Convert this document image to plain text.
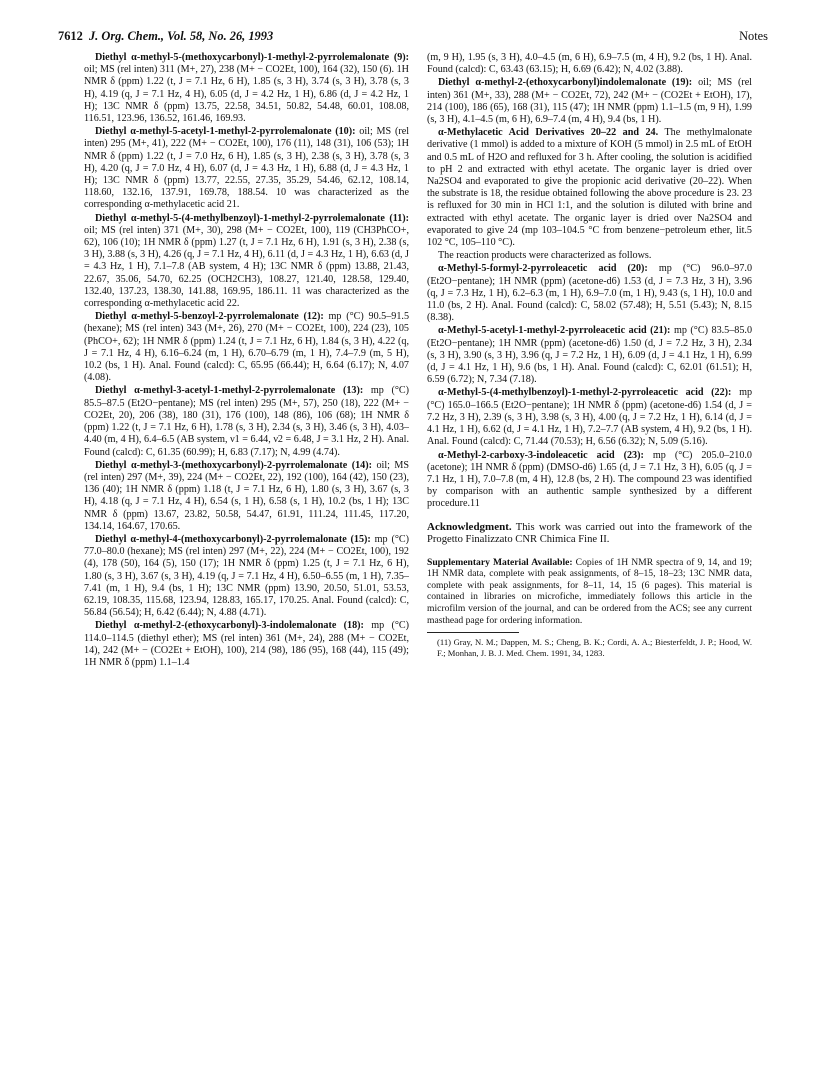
7612 J. Org. Chem., Vol. 58, No. 26, 1993	Notes

Diethyl α-methyl-5-(methoxycarbonyl)-1-methyl-2-pyrrolemalonate (9): oil; MS (rel inten) 311 (M+, 27), 238 (M+ − CO2Et, 100), 164 (32), 150 (6). 1H NMR δ (ppm) 1.22 (t, J = 7.1 Hz, 6 H), 1.85 (s, 3 H), 3.74 (s, 3 H), 3.78 (s, 3 H), 4.19 (q, J = 7.1 Hz, 4 H), 6.05 (d, J = 4.2 Hz, 1 H), 6.86 (d, J = 4.2 Hz, 1 H); 13C NMR δ (ppm) 13.75, 22.58, 34.51, 50.82, 54.48, 60.01, 108.08, 116.51, 123.96, 136.52, 161.46, 169.93.

Diethyl α-methyl-5-acetyl-1-methyl-2-pyrrolemalonate (10): oil; MS (rel inten) 295 (M+, 41), 222 (M+ − CO2Et, 100), 176 (11), 148 (31), 106 (53); 1H NMR δ (ppm) 1.22 (t, J = 7.0 Hz, 6 H), 1.85 (s, 3 H), 2.38 (s, 3 H), 3.78 (s, 3 H), 4.20 (q, J = 7.0 Hz, 4 H), 6.07 (d, J = 4.3 Hz, 1 H), 6.88 (d, J = 4.3 Hz, 1 H); 13C NMR δ (ppm) 13.77, 22.55, 27.35, 35.29, 54.46, 62.12, 108.14, 118.60, 132.16, 137.91, 169.78, 188.54. 10 was characterized as the corresponding α-methylacetic acid 21.

Diethyl α-methyl-5-(4-methylbenzoyl)-1-methyl-2-pyrrolemalonate (11): oil; MS (rel inten) 371 (M+, 30), 298 (M+ − CO2Et, 100), 119 (CH3PhCO+, 62), 106 (10); 1H NMR δ (ppm) 1.27 (t, J = 7.1 Hz, 6 H), 1.91 (s, 3 H), 2.38 (s, 3 H), 3.88 (s, 3 H), 4.26 (q, J = 7.1 Hz, 4 H), 6.11 (d, J = 4.3 Hz, 1 H), 6.63 (d, J = 4.3 Hz, 1 H), 7.1–7.8 (AB system, 4 H); 13C NMR δ (ppm) 13.88, 21.43, 22.67, 35.06, 54.70, 62.25 (OCH2CH3), 108.27, 121.40, 128.58, 129.40, 132.40, 137.23, 138.30, 141.88, 169.95, 186.11. 11 was characterized as the corresponding α-methylacetic acid 22.

Diethyl α-methyl-5-benzoyl-2-pyrrolemalonate (12): mp (°C) 90.5–91.5 (hexane); MS (rel inten) 343 (M+, 26), 270 (M+ − CO2Et, 100), 224 (23), 105 (PhCO+, 62); 1H NMR δ (ppm) 1.24 (t, J = 7.1 Hz, 6 H), 1.84 (s, 3 H), 4.22 (q, J = 7.1 Hz, 4 H), 6.16–6.24 (m, 1 H), 6.70–6.79 (m, 1 H), 7.4–7.9 (m, 5 H), 10.2 (bs, 1 H). Anal. Found (calcd): C, 65.95 (66.44); H, 6.64 (6.17); N, 4.07 (4.08).

Diethyl α-methyl-3-acetyl-1-methyl-2-pyrrolemalonate (13): mp (°C) 85.5–87.5 (Et2O−pentane); MS (rel inten) 295 (M+, 57), 250 (18), 222 (M+ − CO2Et, 20), 206 (38), 180 (31), 176 (100), 148 (86), 106 (68); 1H NMR δ (ppm) 1.22 (t, J = 7.1 Hz, 6 H), 1.78 (s, 3 H), 2.34 (s, 3 H), 3.46 (s, 3 H), 4.03–4.40 (m, 4 H), 6.4–6.5 (AB system, ν1 = 6.44, ν2 = 6.48, J = 3.1 Hz, 2 H). Anal. Found (calcd): C, 61.35 (60.99); H, 6.83 (7.17); N, 4.99 (4.74).

Diethyl α-methyl-3-(methoxycarbonyl)-2-pyrrolemalonate (14): oil; MS (rel inten) 297 (M+, 39), 224 (M+ − CO2Et, 22), 192 (100), 164 (42), 150 (23), 136 (40); 1H NMR δ (ppm) 1.18 (t, J = 7.1 Hz, 6 H), 1.80 (s, 3 H), 3.67 (s, 3 H), 4.18 (q, J = 7.1 Hz, 4 H), 6.54 (s, 1 H), 6.58 (s, 1 H), 10.2 (bs, 1 H); 13C NMR δ (ppm) 13.67, 23.82, 50.58, 54.47, 61.91, 111.24, 111.45, 117.20, 134.14, 164.67, 170.65.

Diethyl α-methyl-4-(methoxycarbonyl)-2-pyrrolemalonate (15): mp (°C) 77.0–80.0 (hexane); MS (rel inten) 297 (M+, 22), 224 (M+ − CO2Et, 100), 192 (4), 178 (50), 164 (5), 150 (17); 1H NMR δ (ppm) 1.25 (t, J = 7.1 Hz, 6 H), 1.80 (s, 3 H), 3.67 (s, 3 H), 4.19 (q, J = 7.1 Hz, 4 H), 6.50–6.55 (m, 1 H), 7.35–7.41 (m, 1 H), 9.4 (bs, 1 H); 13C NMR (ppm) 13.90, 20.50, 51.01, 53.53, 62.19, 108.35, 115.68, 123.94, 128.83, 165.17, 170.25. Anal. Found (calcd): C, 56.84 (56.54); H, 6.42 (6.44); N, 4.88 (4.71).

Diethyl α-methyl-2-(ethoxycarbonyl)-3-indolemalonate (18): mp (°C) 114.0–114.5 (diethyl ether); MS (rel inten) 361 (M+, 24), 288 (M+ − CO2Et, 14), 242 (M+ − (CO2Et + EtOH), 100), 214 (98), 186 (95), 168 (44), 115 (49); 1H NMR δ (ppm) 1.1–1.4

(m, 9 H), 1.95 (s, 3 H), 4.0–4.5 (m, 6 H), 6.9–7.5 (m, 4 H), 9.2 (bs, 1 H). Anal. Found (calcd): C, 63.43 (63.15); H, 6.69 (6.42); N, 4.02 (3.88).

Diethyl α-methyl-2-(ethoxycarbonyl)indolemalonate (19): oil; MS (rel inten) 361 (M+, 33), 288 (M+ − CO2Et, 72), 242 (M+ − (CO2Et + EtOH), 17), 214 (100), 186 (65), 168 (31), 115 (47); 1H NMR (ppm) 1.1–1.5 (m, 9 H), 1.99 (s, 3 H), 4.1–4.5 (m, 6 H), 6.9–7.4 (m, 4 H), 9.4 (bs, 1 H).

α-Methylacetic Acid Derivatives 20–22 and 24. The methylmalonate derivative (1 mmol) is added to a mixture of KOH (5 mmol) in 2.5 mL of EtOH and 0.5 mL of H2O and refluxed for 3 h. After cooling, the solution is acidified to pH 2 and extracted with ethyl acetate. The organic layer is dried over Na2SO4 and evaporated to give the propionic acid derivative (20–22). When the substrate is 18, the residue obtained following the above procedure is 23. 23 is refluxed for 30 min in HCl 1:1, and the solution is diluted with brine and extracted with ethyl acetate. The organic layer is dried over Na2SO4 and evaporated to give 24 (mp 103–104.5 °C from benzene−petroleum ether, lit.5 102 °C, 105–110 °C).

The reaction products were characterized as follows.

α-Methyl-5-formyl-2-pyrroleacetic acid (20): mp (°C) 96.0–97.0 (Et2O−pentane); 1H NMR (ppm) (acetone-d6) 1.53 (d, J = 7.3 Hz, 3 H), 3.96 (q, J = 7.3 Hz, 1 H), 6.2–6.3 (m, 1 H), 6.9–7.0 (m, 1 H), 9.43 (s, 1 H), 10.0 and 11.0 (bs, 2 H). Anal. Found (calcd): C, 58.02 (57.48); H, 5.51 (5.43); N, 8.15 (8.38).

α-Methyl-5-acetyl-1-methyl-2-pyrroleacetic acid (21): mp (°C) 83.5–85.0 (Et2O−pentane); 1H NMR (ppm) (acetone-d6) 1.50 (d, J = 7.2 Hz, 3 H), 2.34 (s, 3 H), 3.90 (s, 3 H), 3.96 (q, J = 7.2 Hz, 1 H), 6.09 (d, J = 4.1 Hz, 1 H), 6.99 (d, J = 4.1 Hz, 1 H), 9.6 (bs, 1 H). Anal. Found (calcd): C, 62.01 (61.51); H, 6.59 (6.72); N, 7.34 (7.18).

α-Methyl-5-(4-methylbenzoyl)-1-methyl-2-pyrroleacetic acid (22): mp (°C) 165.0–166.5 (Et2O−pentane); 1H NMR δ (ppm) (acetone-d6) 1.54 (d, J = 7.2 Hz, 3 H), 2.39 (s, 3 H), 3.98 (s, 3 H), 4.00 (q, J = 7.2 Hz, 1 H), 6.14 (d, J = 4.1 Hz, 1 H), 6.62 (d, J = 4.1 Hz, 1 H), 7.2–7.7 (AB system, 4 H), 9.2 (bs, 1 H). Anal. Found (calcd): C, 71.44 (70.53); H, 6.56 (6.32); N, 5.09 (5.16).

α-Methyl-2-carboxy-3-indoleacetic acid (23): mp (°C) 205.0–210.0 (acetone); 1H NMR δ (ppm) (DMSO-d6) 1.65 (d, J = 7.1 Hz, 3 H), 6.05 (q, J = 7.1 Hz, 1 H), 7.0–7.8 (m, 4 H), 12.8 (bs, 2 H). The compound 23 was identified by comparison with an authentic sample synthesized by a different procedure.11

Acknowledgment. This work was carried out into the framework of the Progetto Finalizzato CNR Chimica Fine II.

Supplementary Material Available: Copies of 1H NMR spectra of 9, 14, and 19; 1H NMR data, complete with peak assignments, of 8–15, 18–23; 13C NMR data, complete with peak assignments, for 8–11, 14, 15 (6 pages). This material is contained in libraries on microfiche, immediately follows this article in the microfilm version of the journal, and can be ordered from the ACS; see any current masthead page for ordering information.

(11) Gray, N. M.; Dappen, M. S.; Cheng, B. K.; Cordi, A. A.; Biesterfeldt, J. P.; Hood, W. F.; Monhan, J. B. J. Med. Chem. 1991, 34, 1283.
